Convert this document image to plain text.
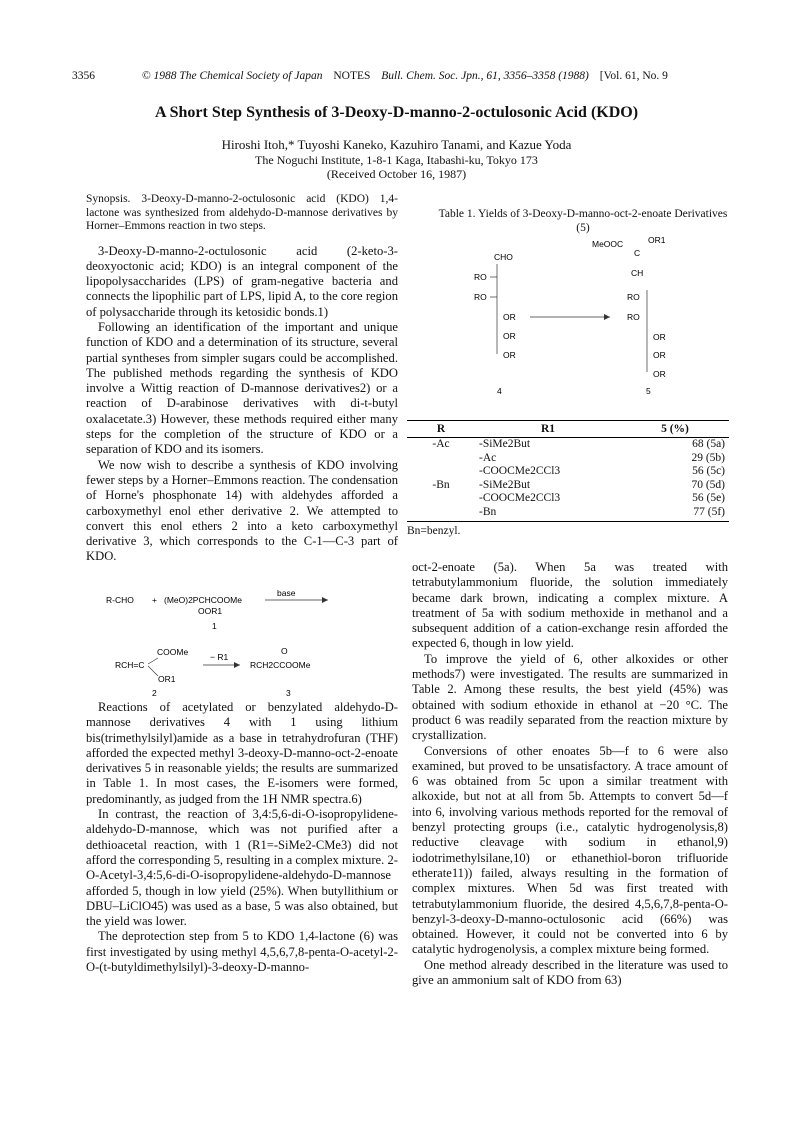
3356	© 1988 The Chemical Society of Japan NOTES Bull. Chem. Soc. Jpn., 61, 3356–3358 (1988) [Vol. 61, No. 9
A Short Step Synthesis of 3-Deoxy-D-manno-2-octulosonic Acid (KDO)
Hiroshi Itoh,* Tuyoshi Kaneko, Kazuhiro Tanami, and Kazue Yoda
The Noguchi Institute, 1-8-1 Kaga, Itabashi-ku, Tokyo 173
(Received October 16, 1987)

Synopsis. 3-Deoxy-D-manno-2-octulosonic acid (KDO) 1,4-lactone was synthesized from aldehydo-D-mannose derivatives by Horner–Emmons reaction in two steps.

3-Deoxy-D-manno-2-octulosonic acid (2-keto-3-deoxyoctonic acid; KDO) is an integral component of the lipopolysaccharides (LPS) of gram-negative bacteria and connects the lipophilic part of LPS, lipid A, to the core region of polysaccharide through its ketosidic bonds.1)

Following an identification of the important and unique function of KDO and a determination of its structure, several partial syntheses from simpler sugars could be accomplished. The published methods regarding the synthesis of KDO involve a Wittig reaction of D-mannose derivatives2) or a reaction of D-arabinose derivatives with di-t-butyl oxalacetate.3) However, these methods required either many steps for the completion of the structure of KDO or a separation of KDO and its isomers.

We now wish to describe a synthesis of KDO involving fewer steps by a Horner–Emmons reaction. The condensation of Horne's phosphonate 14) with aldehydes afforded a carboxymethyl enol ether derivative 2. We attempted to convert this enol ethers 2 into a keto carboxymethyl derivative 3, which corresponds to the C-1—C-3 part of KDO.

R-CHO + (MeO)2PCHCOOMe
OOR1
base
1
COOMe
RCH=C
OR1
2
− R1
O
RCH2CCOOMe
3

Reactions of acetylated or benzylated aldehydo-D-mannose derivatives 4 with 1 using lithium bis(trimethylsilyl)amide as a base in tetrahydrofuran (THF) afforded the expected methyl 3-deoxy-D-manno-oct-2-enoate derivatives 5 in reasonable yields; the results are summarized in Table 1. In most cases, the E-isomers were formed, predominantly, as judged from the 1H NMR spectra.6)

In contrast, the reaction of 3,4:5,6-di-O-isopropylidene-aldehydo-D-mannose, which was not purified after a dethioacetal reaction, with 1 (R1=-SiMe2-CMe3) did not afford the corresponding 5, resulting in a complex mixture. 2-O-Acetyl-3,4:5,6-di-O-isopropylidene-aldehydo-D-mannose afforded 5, though in low yield (25%). When butyllithium or DBU–LiClO45) was used as a base, 5 was also obtained, but the yield was lower.

The deprotection step from 5 to KDO 1,4-lactone (6) was first investigated by using methyl 4,5,6,7,8-penta-O-acetyl-2-O-(t-butyldimethylsilyl)-3-deoxy-D-manno-

Table 1. Yields of 3-Deoxy-D-manno-oct-2-enoate Derivatives (5)
CHO
RO
RO
OR
OR
OR
4
MeOOC	OR1
C
CH
RO
RO
OR
OR
OR
5
R	R1	5 (%)
-Ac	-SiMe2But	68 (5a)
	-Ac	29 (5b)
	-COOCMe2CCl3	56 (5c)
-Bn	-SiMe2But	70 (5d)
	-COOCMe2CCl3	56 (5e)
	-Bn	77 (5f)
Bn=benzyl.

oct-2-enoate (5a). When 5a was treated with tetrabutylammonium fluoride, the solution immediately became dark brown, indicating a complex mixture. A treatment of 5a with sodium methoxide in methanol and a subsequent addition of a cation-exchange resin afforded the expected 6, though in low yield.

To improve the yield of 6, other alkoxides or other methods7) were investigated. The results are summarized in Table 2. Among these results, the best yield (45%) was obtained with sodium ethoxide in ethanol at −20 °C. The product 6 was readily separated from the reaction mixture by crystallization.

Conversions of other enoates 5b—f to 6 were also examined, but proved to be unsatisfactory. A trace amount of 6 was obtained from 5c upon a similar treatment with alkoxide, but not at all from 5b. Attempts to convert 5d—f into 6, involving various methods reported for the removal of benzyl protecting groups (i.e., catalytic hydrogenolysis,8) reductive cleavage with sodium in ethanol,9) iodotrimethylsilane,10) or ethanethiol-boron trifluoride etherate11)) failed, always resulting in the formation of complex mixtures. When 5d was first treated with tetrabutylammonium fluoride, the desired 4,5,6,7,8-penta-O-benzyl-3-deoxy-D-manno-octulosonic acid (66%) was obtained. However, it could not be converted into 6 by catalytic hydrogenolysis, a complex mixture being formed.

One method already described in the literature was used to give an ammonium salt of KDO from 63)
